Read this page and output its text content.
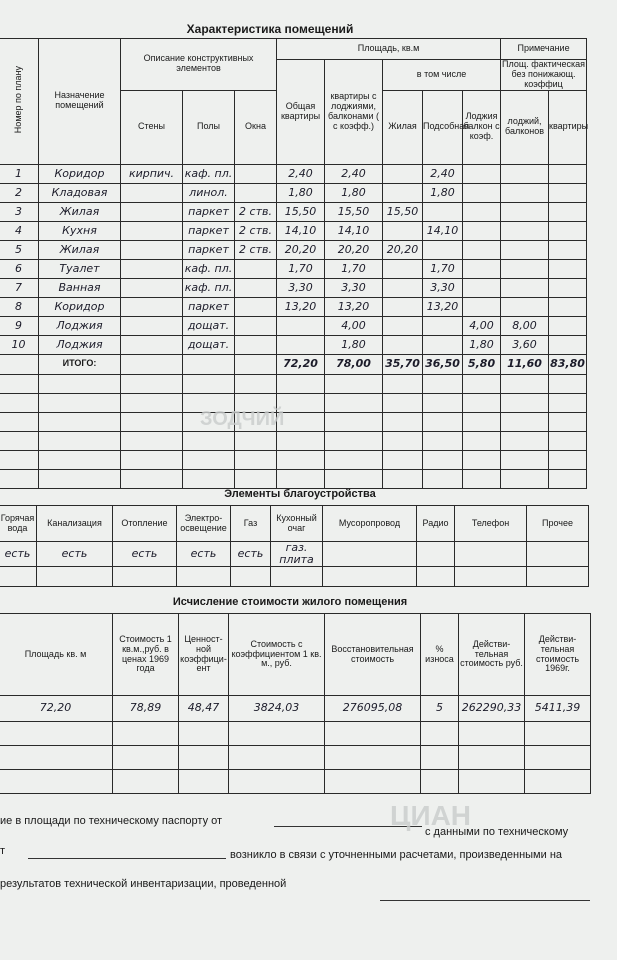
Характеристика помещений
Номер по плану	Назначение помещений	Описание конструктивных элементов			Площадь, кв.м					Примечание	
					Общая квартиры	квартиры с лоджиями, балконами ( с коэфф.)	в том числе			Площ. фактическая без понижающ. коэффиц	
		Стены	Полы	Окна			Жилая	Подсобная	Лоджия балкон с коэф.	лоджий, балконов	квартиры

1	Коридор	кирпич.	каф. пл.		2,40	2,40		2,40			
2	Кладовая		линол.		1,80	1,80		1,80			
3	Жилая		паркет	2 ств.	15,50	15,50	15,50				
4	Кухня		паркет	2 ств.	14,10	14,10		14,10			
5	Жилая		паркет	2 ств.	20,20	20,20	20,20				
6	Туалет		каф. пл.		1,70	1,70		1,70			
7	Ванная		каф. пл.		3,30	3,30		3,30			
8	Коридор		паркет		13,20	13,20		13,20			
9	Лоджия		дощат.			4,00			4,00	8,00	
10	Лоджия		дощат.			1,80			1,80	3,60	
	ИТОГО:				72,20	78,00	35,70	36,50	5,80	11,60	83,80

Элементы благоустройства
Горячая вода	Канализация	Отопление	Электро-освещение	Газ	Кухонный очаг	Мусоропровод	Радио	Телефон	Прочее
есть	есть	есть	есть	есть	газ. плита				

Исчисление стоимости жилого помещения
Площадь кв. м	Стоимость 1 кв.м.,руб. в ценах 1969 года	Ценност-ной коэффици-ент	Стоимость с коэффициентом 1 кв. м., руб.	Восстановительная стоимость	% износа	Действи-тельная стоимость руб.	Действи-тельная стоимость 1969г.
72,20	78,89	48,47	3824,03	276095,08	5	262290,33	5411,39

ие в площади по техническому паспорту от
с данными по техническому
т	возникло в связи с уточненными расчетами, произведенными на
результатов технической инвентаризации, проведенной
ЗОДЧИЙ
ЦИАН
